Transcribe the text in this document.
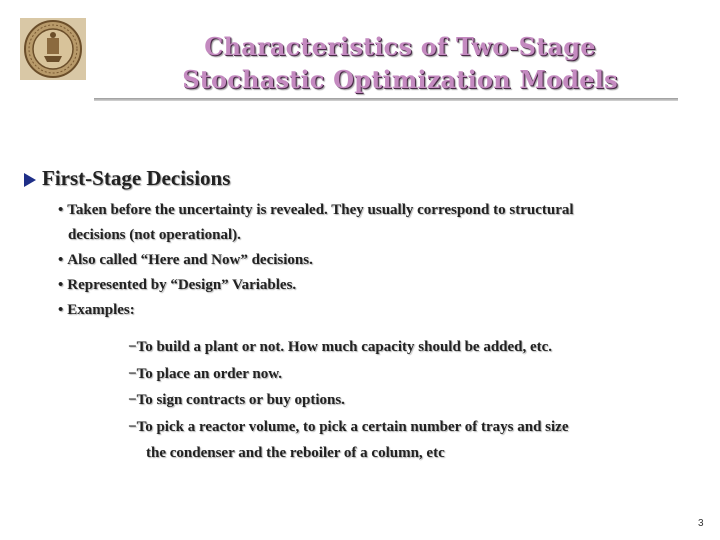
Characteristics of Two-Stage
Stochastic Optimization Models
First-Stage Decisions
• Taken before the uncertainty is revealed. They usually correspond to structural
decisions (not operational).
• Also called “Here and Now” decisions.
• Represented by “Design” Variables.
• Examples:
−To build a plant or not. How much capacity should be added, etc.
−To place an order now.
−To sign contracts or buy options.
−To pick a reactor volume, to pick a certain number of trays and size
the condenser and the reboiler of a column, etc
3
